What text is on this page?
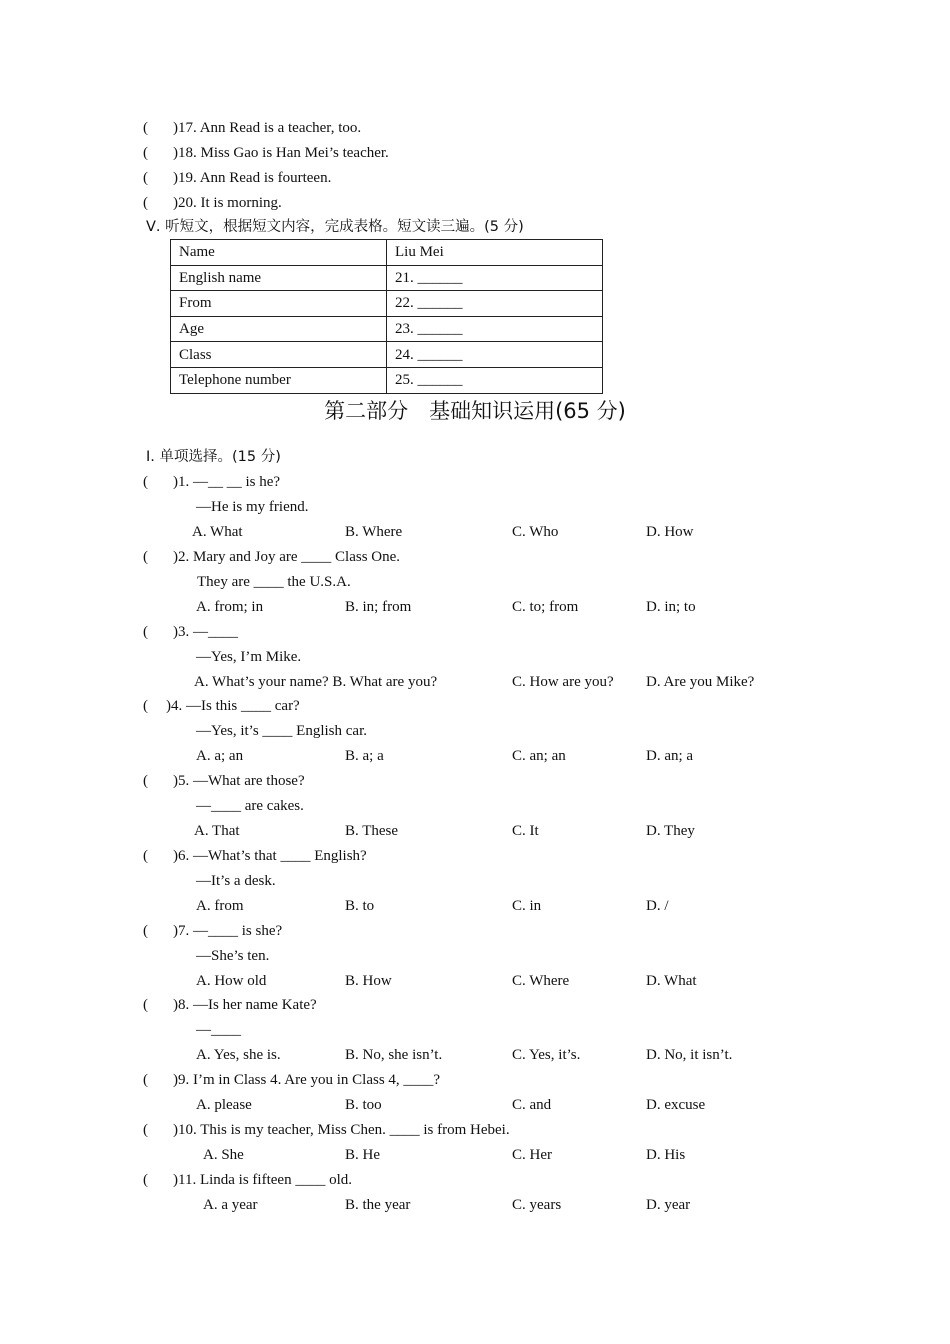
( )17. Ann Read is a teacher, too.
( )18. Miss Gao is Han Mei’s teacher.
( )19. Ann Read is fourteen.
( )20. It is morning.
Ⅴ. 听短文，根据短文内容，完成表格。短文读三遍。(5 分)
Name	Liu Mei
English name	21. ______
From	22. ______
Age	23. ______
Class	24. ______
Telephone number	25. ______
第二部分　基础知识运用(65 分)
Ⅰ. 单项选择。(15 分)
( )1. —__ __ is he?
—He is my friend.
A. What	B. Where	C. Who	D. How
( )2. Mary and Joy are ____ Class One.
They are ____ the U.S.A.
A. from; in	B. in; from	C. to; from	D. in; to
( )3. —____
—Yes, I’m Mike.
A. What’s your name? B. What are you?	C. How are you? D. Are you Mike?
( )4. —Is this ____ car?
—Yes, it’s ____ English car.
A. a; an	B. a; a	C. an; an	D. an; a
( )5. —What are those?
—____ are cakes.
A. That	B. These	C. It	D. They
( )6. —What’s that ____ English?
—It’s a desk.
A. from	B. to	C. in	D. /
( )7. —____ is she?
—She’s ten.
A. How old	B. How	C. Where	D. What
( )8. —Is her name Kate?
—____
A. Yes, she is.	B. No, she isn’t.	C. Yes, it’s.	D. No, it isn’t.
( )9. I’m in Class 4. Are you in Class 4, ____?
A. please	B. too	C. and	D. excuse
( )10. This is my teacher, Miss Chen. ____ is from Hebei.
A. She	B. He	C. Her	D. His
( )11. Linda is fifteen ____ old.
A. a year	B. the year	C. years	D. year
